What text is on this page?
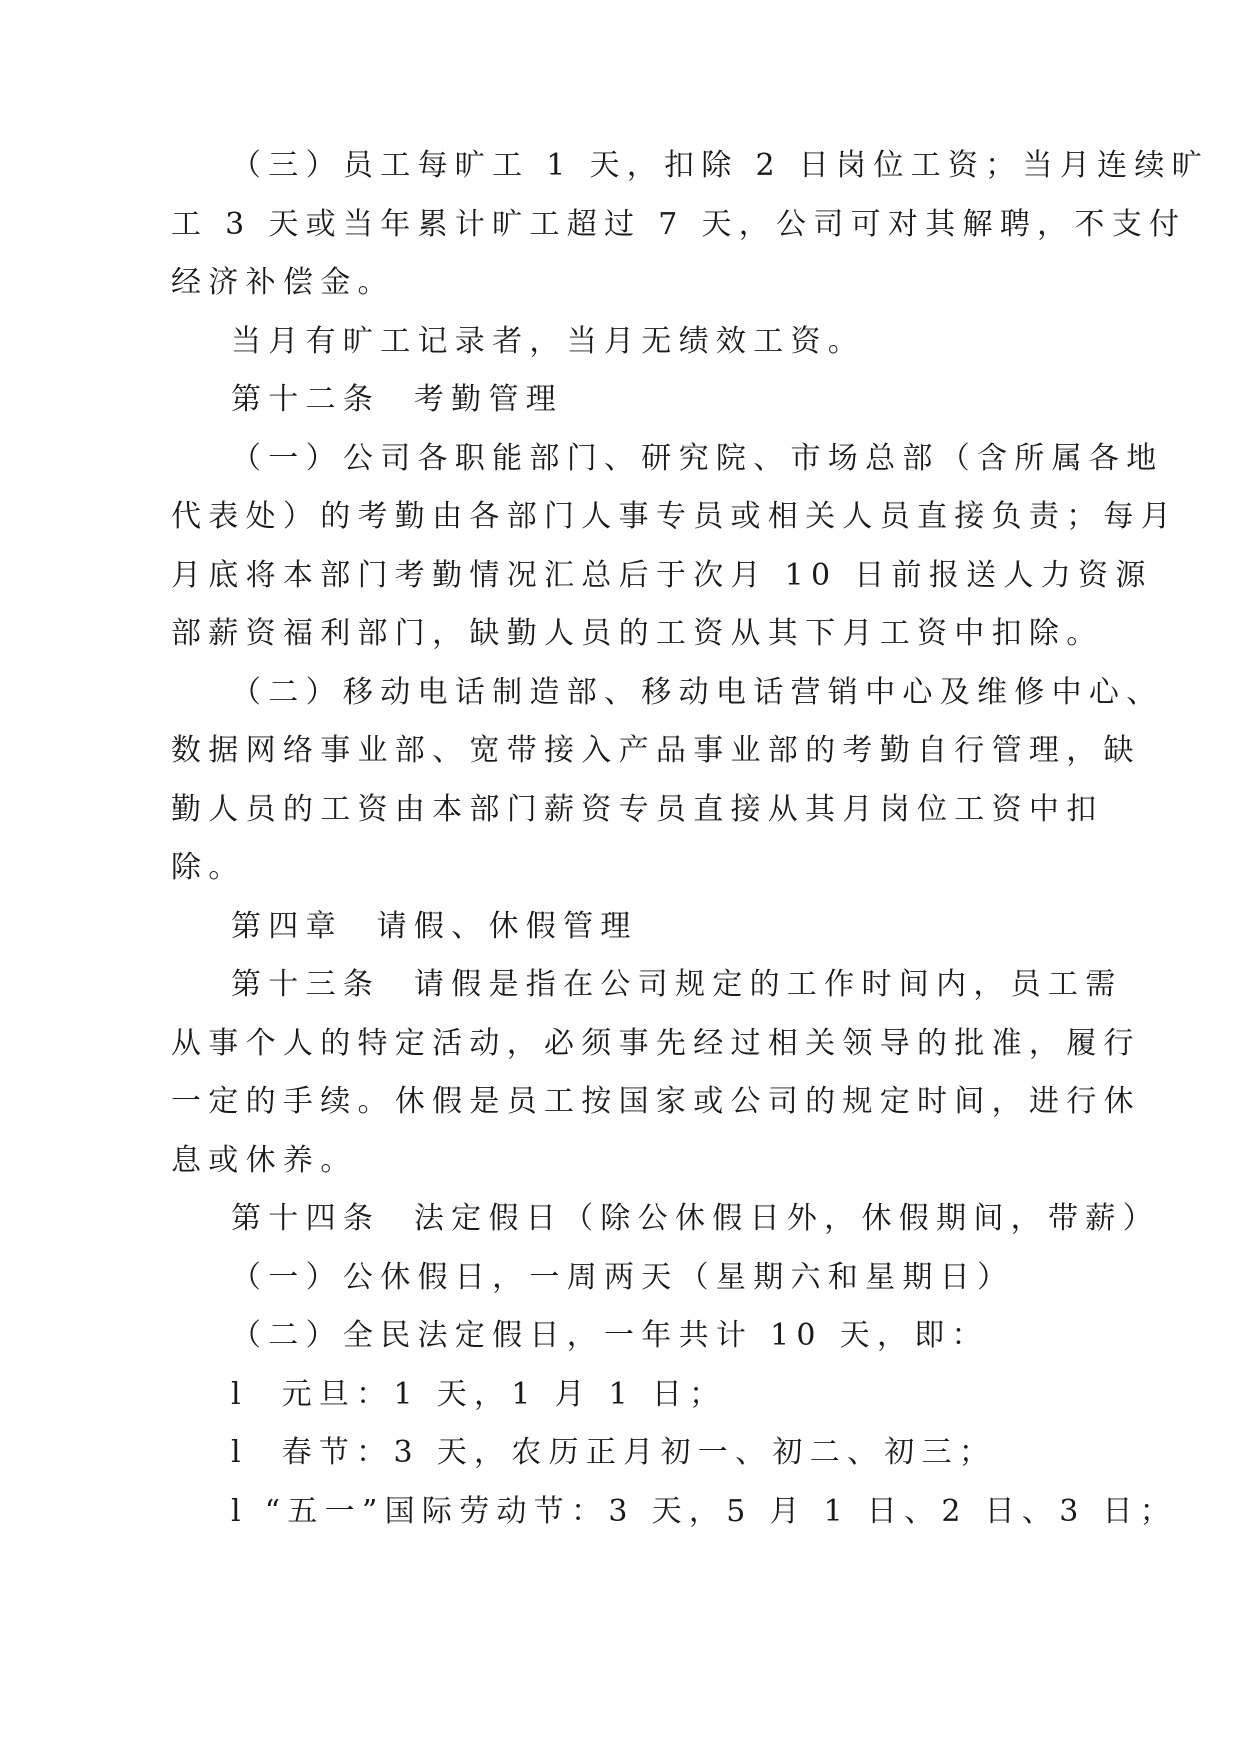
（三）员工每旷工 1 天，扣除 2 日岗位工资；当月连续旷
工 3 天或当年累计旷工超过 7 天，公司可对其解聘，不支付
经济补偿金。
当月有旷工记录者，当月无绩效工资。
第十二条  考勤管理
（一）公司各职能部门、研究院、市场总部（含所属各地
代表处）的考勤由各部门人事专员或相关人员直接负责；每月
月底将本部门考勤情况汇总后于次月 10 日前报送人力资源
部薪资福利部门，缺勤人员的工资从其下月工资中扣除。
（二）移动电话制造部、移动电话营销中心及维修中心、
数据网络事业部、宽带接入产品事业部的考勤自行管理，缺
勤人员的工资由本部门薪资专员直接从其月岗位工资中扣
除。
第四章  请假、休假管理
第十三条  请假是指在公司规定的工作时间内，员工需
从事个人的特定活动，必须事先经过相关领导的批准，履行
一定的手续。休假是员工按国家或公司的规定时间，进行休
息或休养。
第十四条  法定假日（除公休假日外，休假期间，带薪）
（一）公休假日，一周两天（星期六和星期日）
（二）全民法定假日，一年共计 10 天，即：
l  元旦：1 天，1 月 1 日；
l  春节：3 天，农历正月初一、初二、初三；
l “五一”国际劳动节：3 天，5 月 1 日、2 日、3 日；
